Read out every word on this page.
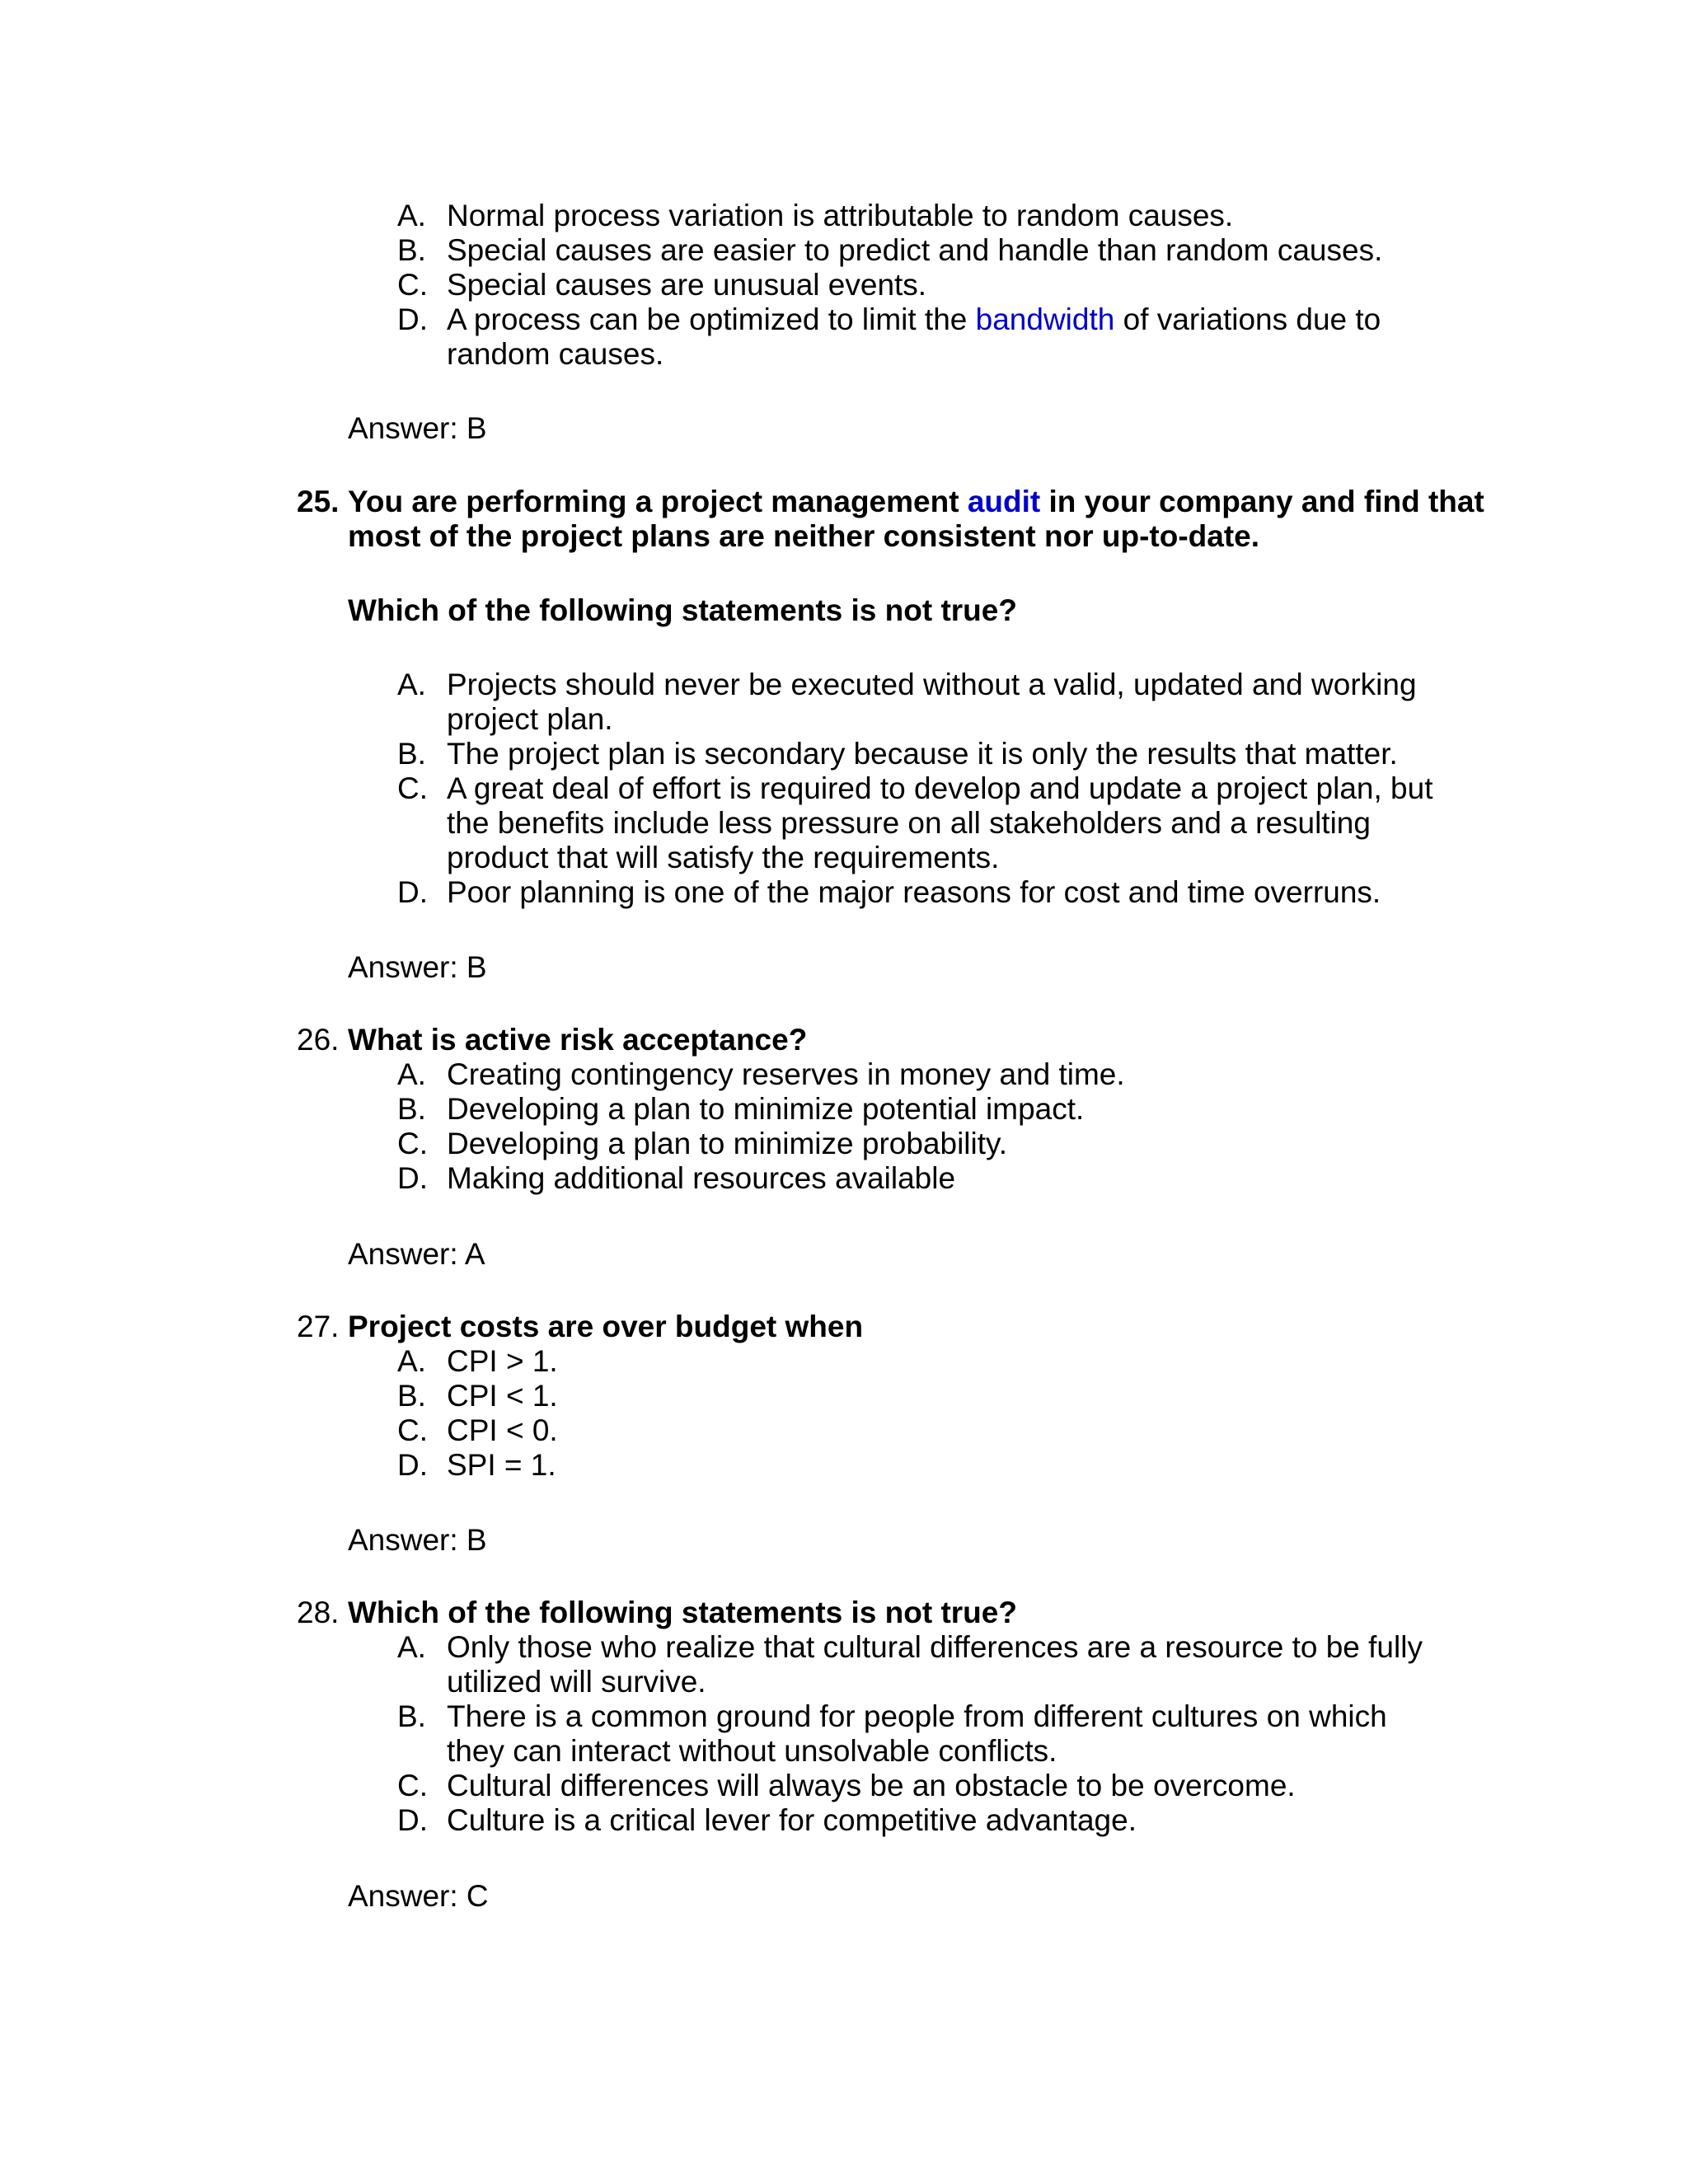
A. Normal process variation is attributable to random causes.
B. Special causes are easier to predict and handle than random causes.
C. Special causes are unusual events.
D. A process can be optimized to limit the bandwidth of variations due to random causes.
Answer: B
25. You are performing a project management audit in your company and find that most of the project plans are neither consistent nor up-to-date.
Which of the following statements is not true?
A. Projects should never be executed without a valid, updated and working project plan.
B. The project plan is secondary because it is only the results that matter.
C. A great deal of effort is required to develop and update a project plan, but the benefits include less pressure on all stakeholders and a resulting product that will satisfy the requirements.
D. Poor planning is one of the major reasons for cost and time overruns.
Answer: B
26. What is active risk acceptance?
A. Creating contingency reserves in money and time.
B. Developing a plan to minimize potential impact.
C. Developing a plan to minimize probability.
D. Making additional resources available
Answer: A
27. Project costs are over budget when
A. CPI > 1.
B. CPI < 1.
C. CPI < 0.
D. SPI = 1.
Answer: B
28. Which of the following statements is not true?
A. Only those who realize that cultural differences are a resource to be fully utilized will survive.
B. There is a common ground for people from different cultures on which they can interact without unsolvable conflicts.
C. Cultural differences will always be an obstacle to be overcome.
D. Culture is a critical lever for competitive advantage.
Answer: C
